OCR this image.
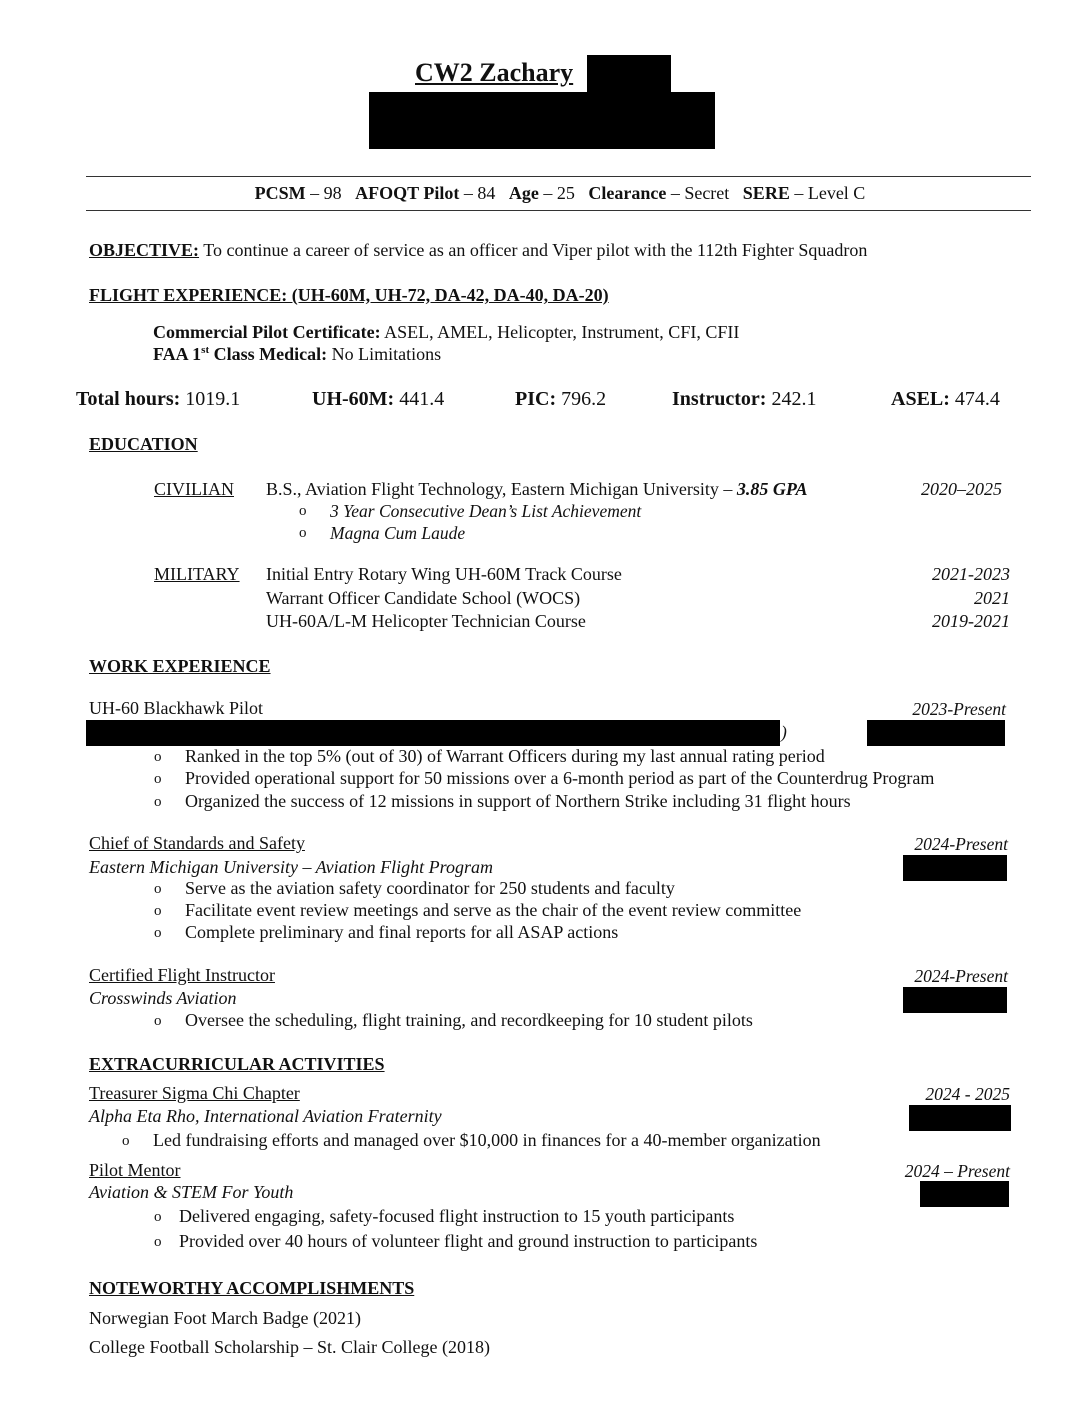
CW2 Zachary
PCSM – 98 AFOQT Pilot – 84 Age – 25 Clearance – Secret SERE – Level C
OBJECTIVE: To continue a career of service as an officer and Viper pilot with the 112th Fighter Squadron
FLIGHT EXPERIENCE: (UH-60M, UH-72, DA-42, DA-40, DA-20)
Commercial Pilot Certificate: ASEL, AMEL, Helicopter, Instrument, CFI, CFII
FAA 1st Class Medical: No Limitations
Total hours: 1019.1	UH-60M: 441.4	PIC: 796.2	Instructor: 242.1	ASEL: 474.4
EDUCATION
CIVILIAN B.S., Aviation Flight Technology, Eastern Michigan University – 3.85 GPA	2020–2025
o 3 Year Consecutive Dean’s List Achievement
o Magna Cum Laude
MILITARY Initial Entry Rotary Wing UH-60M Track Course	2021-2023
Warrant Officer Candidate School (WOCS)	2021
UH-60A/L-M Helicopter Technician Course	2019-2021
WORK EXPERIENCE
UH-60 Blackhawk Pilot	2023-Present
)
o Ranked in the top 5% (out of 30) of Warrant Officers during my last annual rating period
o Provided operational support for 50 missions over a 6-month period as part of the Counterdrug Program
o Organized the success of 12 missions in support of Northern Strike including 31 flight hours
Chief of Standards and Safety	2024-Present
Eastern Michigan University – Aviation Flight Program
o Serve as the aviation safety coordinator for 250 students and faculty
o Facilitate event review meetings and serve as the chair of the event review committee
o Complete preliminary and final reports for all ASAP actions
Certified Flight Instructor	2024-Present
Crosswinds Aviation
o Oversee the scheduling, flight training, and recordkeeping for 10 student pilots
EXTRACURRICULAR ACTIVITIES
Treasurer Sigma Chi Chapter	2024 - 2025
Alpha Eta Rho, International Aviation Fraternity
o Led fundraising efforts and managed over $10,000 in finances for a 40-member organization
Pilot Mentor	2024 – Present
Aviation & STEM For Youth
o Delivered engaging, safety-focused flight instruction to 15 youth participants
o Provided over 40 hours of volunteer flight and ground instruction to participants
NOTEWORTHY ACCOMPLISHMENTS
Norwegian Foot March Badge (2021)
College Football Scholarship – St. Clair College (2018)
